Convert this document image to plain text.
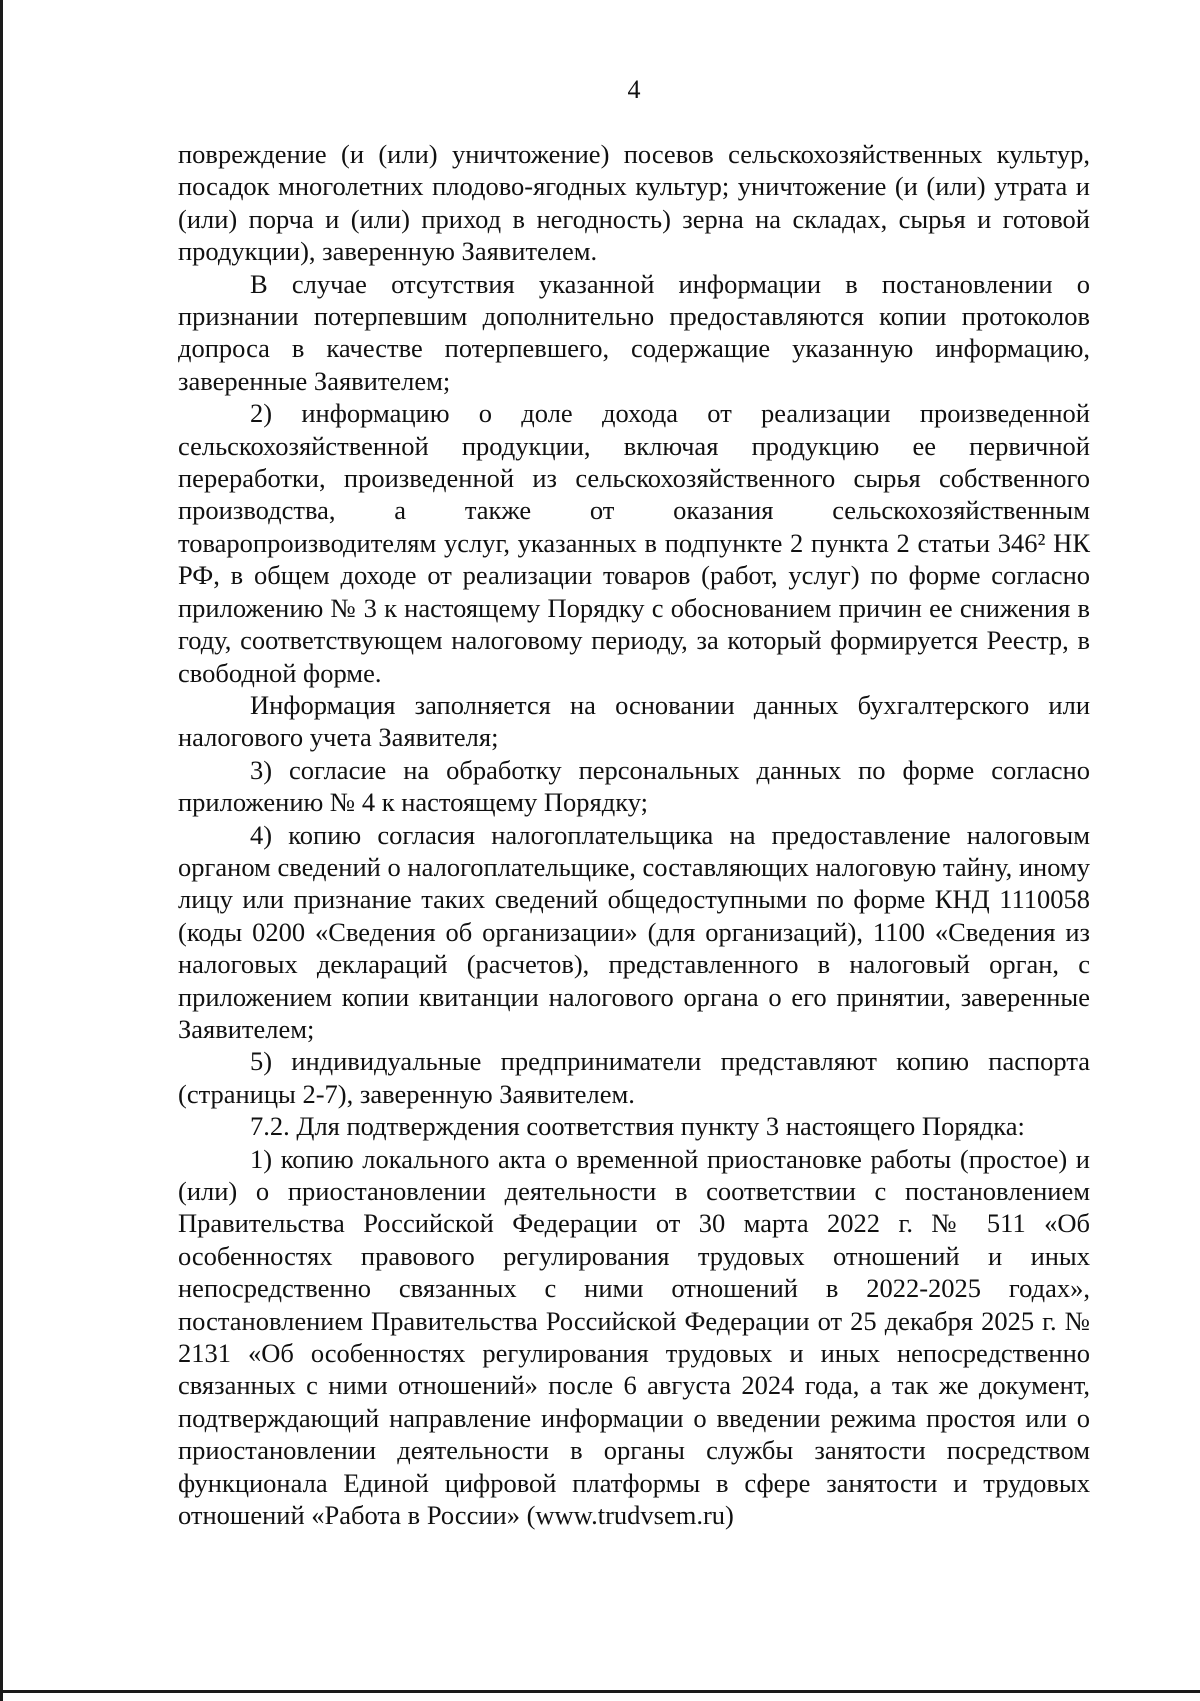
4

повреждение (и (или) уничтожение) посевов сельскохозяйственных культур, посадок многолетних плодово-ягодных культур; уничтожение (и (или) утрата и (или) порча и (или) приход в негодность) зерна на складах, сырья и готовой продукции), заверенную Заявителем.

В случае отсутствия указанной информации в постановлении о признании потерпевшим дополнительно предоставляются копии протоколов допроса в качестве потерпевшего, содержащие указанную информацию, заверенные Заявителем;

2) информацию о доле дохода от реализации произведенной сельскохозяйственной продукции, включая продукцию ее первичной переработки, произведенной из сельскохозяйственного сырья собственного производства, а также от оказания сельскохозяйственным товаропроизводителям услуг, указанных в подпункте 2 пункта 2 статьи 346² НК РФ, в общем доходе от реализации товаров (работ, услуг) по форме согласно приложению № 3 к настоящему Порядку с обоснованием причин ее снижения в году, соответствующем налоговому периоду, за который формируется Реестр, в свободной форме.

Информация заполняется на основании данных бухгалтерского или налогового учета Заявителя;

3) согласие на обработку персональных данных по форме согласно приложению № 4 к настоящему Порядку;

4) копию согласия налогоплательщика на предоставление налоговым органом сведений о налогоплательщике, составляющих налоговую тайну, иному лицу или признание таких сведений общедоступными по форме КНД 1110058 (коды 0200 «Сведения об организации» (для организаций), 1100 «Сведения из налоговых деклараций (расчетов), представленного в налоговый орган, с приложением копии квитанции налогового органа о его принятии, заверенные Заявителем;

5) индивидуальные предприниматели представляют копию паспорта (страницы 2-7), заверенную Заявителем.

7.2. Для подтверждения соответствия пункту 3 настоящего Порядка:

1) копию локального акта о временной приостановке работы (простое) и (или) о приостановлении деятельности в соответствии с постановлением Правительства Российской Федерации от 30 марта 2022 г. № 511 «Об особенностях правового регулирования трудовых отношений и иных непосредственно связанных с ними отношений в 2022-2025 годах», постановлением Правительства Российской Федерации от 25 декабря 2025 г. № 2131 «Об особенностях регулирования трудовых и иных непосредственно связанных с ними отношений» после 6 августа 2024 года, а так же документ, подтверждающий направление информации о введении режима простоя или о приостановлении деятельности в органы службы занятости посредством функционала Единой цифровой платформы в сфере занятости и трудовых отношений «Работа в России» (www.trudvsem.ru)
